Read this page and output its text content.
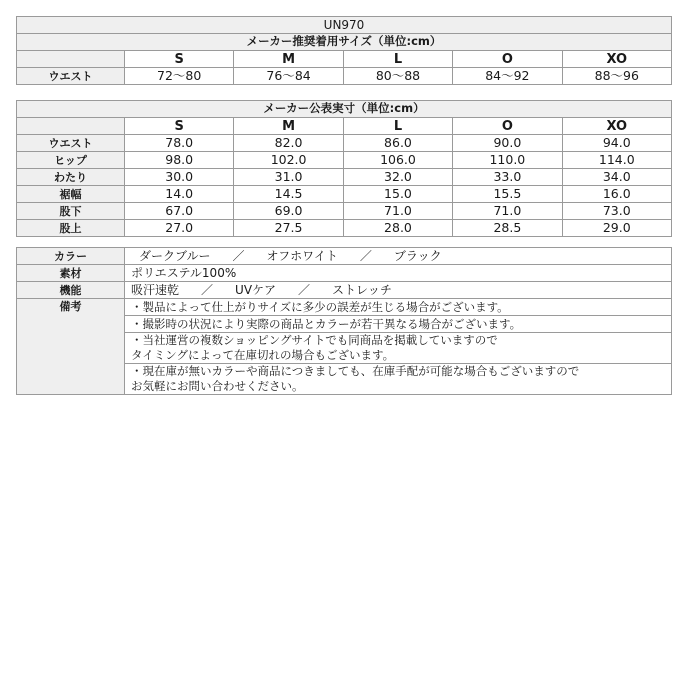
UN970					
メーカー推奨着用サイズ（単位:cm）					
	S	M	L	O	XO
ウエスト	72～80	76～84	80～88	84～92	88～96
メーカー公表実寸（単位:cm）					
	S	M	L	O	XO
ウエスト	78.0	82.0	86.0	90.0	94.0
ヒップ	98.0	102.0	106.0	110.0	114.0
わたり	30.0	31.0	32.0	33.0	34.0
裾幅	14.0	14.5	15.0	15.5	16.0
股下	67.0	69.0	71.0	71.0	73.0
股上	27.0	27.5	28.0	28.5	29.0
カラー	ダークブルー ／ オフホワイト ／ ブラック
素材	ポリエステル100%
機能	吸汗速乾 ／ UVケア ／ ストレッチ
備考	・製品によって仕上がりサイズに多少の誤差が生じる場合がございます。
	・撮影時の状況により実際の商品とカラーが若干異なる場合がございます。
	・当社運営の複数ショッピングサイトでも同商品を掲載していますので
タイミングによって在庫切れの場合もございます。
	・現在庫が無いカラーや商品につきましても、在庫手配が可能な場合もございますので
お気軽にお問い合わせください。
